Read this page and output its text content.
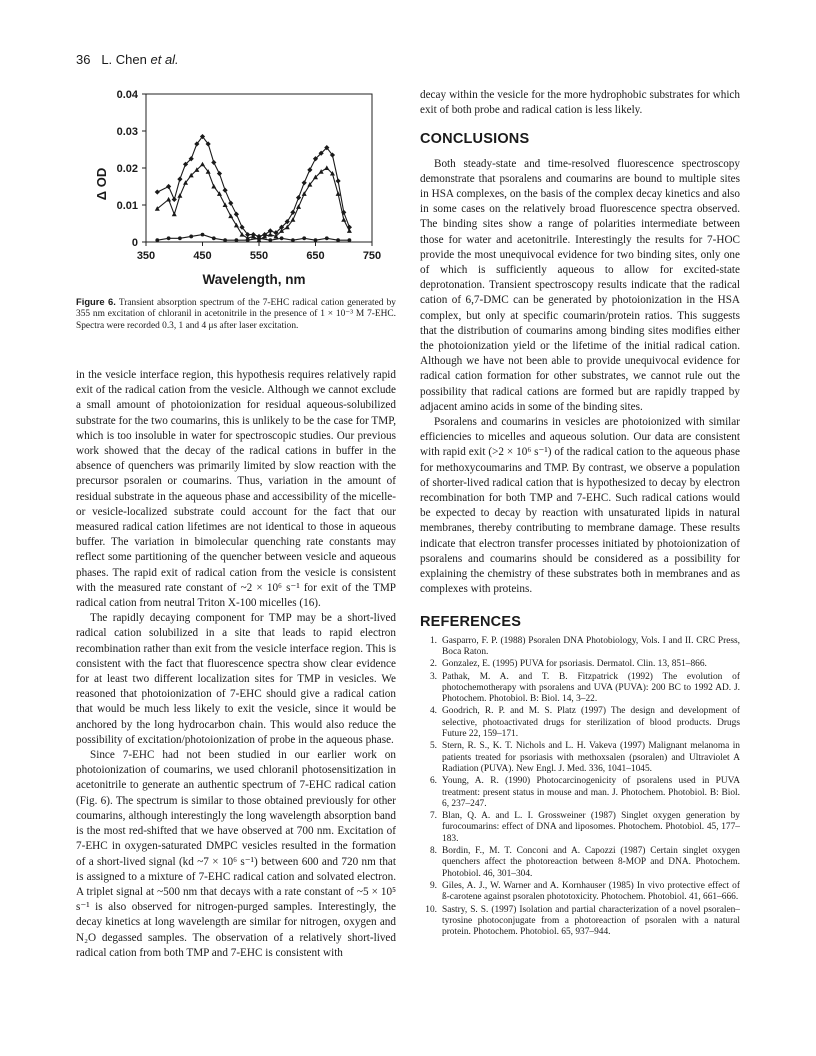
36 L. Chen et al.
0
0.01
0.02
0.03
0.04
350	450	550	650	750
Δ OD
Wavelength, nm
Figure 6. Transient absorption spectrum of the 7-EHC radical cation generated by 355 nm excitation of chloranil in acetonitrile in the presence of 1 × 10⁻³ M 7-EHC. Spectra were recorded 0.3, 1 and 4 μs after laser excitation.

in the vesicle interface region, this hypothesis requires relatively rapid exit of the radical cation from the vesicle. Although we cannot exclude a small amount of photoionization for residual aqueous-solubilized substrate for the two coumarins, this is unlikely to be the case for TMP, which is too insoluble in water for spectroscopic studies. Our previous work showed that the decay of the radical cations in buffer in the absence of quenchers was primarily limited by slow reaction with the precursor psoralen or coumarins. Thus, variation in the amount of residual substrate in the aqueous phase and accessibility of the micelle- or vesicle-localized substrate could account for the fact that our measured radical cation lifetimes are not identical to those in aqueous buffer. The variation in bimolecular quenching rate constants may reflect some partitioning of the quencher between vesicle and aqueous phases. The rapid exit of radical cation from the vesicle is consistent with the measured rate constant of ~2 × 10⁶ s⁻¹ for exit of the TMP radical cation from neutral Triton X-100 micelles (16).

The rapidly decaying component for TMP may be a short-lived radical cation solubilized in a site that leads to rapid electron recombination rather than exit from the vesicle interface region. This is consistent with the fact that fluorescence spectra show clear evidence for at least two different localization sites for TMP in vesicles. We reasoned that photoionization of 7-EHC should give a radical cation that would be much less likely to exit the vesicle, since it would be anchored by the long hydrocarbon chain. This would also reduce the possibility of excitation/photoionization of probe in the aqueous phase.

Since 7-EHC had not been studied in our earlier work on photoionization of coumarins, we used chloranil photosensitization in acetonitrile to generate an authentic spectrum of 7-EHC radical cation (Fig. 6). The spectrum is similar to those obtained previously for other coumarins, although interestingly the long wavelength absorption band is the most red-shifted that we have observed at 700 nm. Excitation of 7-EHC in oxygen-saturated DMPC vesicles resulted in the formation of a short-lived signal (kd ~7 × 10⁶ s⁻¹) between 600 and 720 nm that is assigned to a mixture of 7-EHC radical cation and solvated electron. A triplet signal at ~500 nm that decays with a rate constant of ~5 × 10⁵ s⁻¹ is also observed for nitrogen-purged samples. Interestingly, the decay kinetics at long wavelength are similar for nitrogen, oxygen and N₂O degassed samples. The observation of a relatively short-lived radical cation from both TMP and 7-EHC is consistent with

decay within the vesicle for the more hydrophobic substrates for which exit of both probe and radical cation is less likely.

CONCLUSIONS

Both steady-state and time-resolved fluorescence spectroscopy demonstrate that psoralens and coumarins are bound to multiple sites in HSA complexes, on the basis of the complex decay kinetics and also in some cases on the relatively broad fluorescence spectra observed. The binding sites show a range of polarities intermediate between those for water and acetonitrile. Interestingly the results for 7-HOC provide the most unequivocal evidence for two binding sites, only one of which is sufficiently aqueous to allow for excited-state deprotonation. Transient spectroscopy results indicate that the radical cation of 6,7-DMC can be generated by photoionization in the HSA complex, but only at specific coumarin/protein ratios. This suggests that the distribution of coumarins among binding sites modifies either the photoionization yield or the lifetime of the initial radical cation. Although we have not been able to provide unequivocal evidence for radical cation formation for other substrates, we cannot rule out the possibility that radical cations are formed but are rapidly trapped by adjacent amino acids in some of the binding sites.

Psoralens and coumarins in vesicles are photoionized with similar efficiencies to micelles and aqueous solution. Our data are consistent with rapid exit (>2 × 10⁶ s⁻¹) of the radical cation to the aqueous phase for methoxycoumarins and TMP. By contrast, we observe a population of shorter-lived radical cation that is hypothesized to decay by electron recombination for both TMP and 7-EHC. Such radical cations would be expected to decay by reaction with unsaturated lipids in natural membranes, thereby contributing to membrane damage. These results indicate that electron transfer processes initiated by photoionization of psoralens and coumarins should be considered as a possibility for explaining the chemistry of these substrates both in membranes and as complexes with proteins.

REFERENCES
1. Gasparro, F. P. (1988) Psoralen DNA Photobiology, Vols. I and II. CRC Press, Boca Raton.
2. Gonzalez, E. (1995) PUVA for psoriasis. Dermatol. Clin. 13, 851–866.
3. Pathak, M. A. and T. B. Fitzpatrick (1992) The evolution of photochemotherapy with psoralens and UVA (PUVA): 200 BC to 1992 AD. J. Photochem. Photobiol. B: Biol. 14, 3–22.
4. Goodrich, R. P. and M. S. Platz (1997) The design and development of selective, photoactivated drugs for sterilization of blood products. Drugs Future 22, 159–171.
5. Stern, R. S., K. T. Nichols and L. H. Vakeva (1997) Malignant melanoma in patients treated for psoriasis with methoxsalen (psoralen) and Ultraviolet A Radiation (PUVA). New Engl. J. Med. 336, 1041–1045.
6. Young, A. R. (1990) Photocarcinogenicity of psoralens used in PUVA treatment: present status in mouse and man. J. Photochem. Photobiol. B: Biol. 6, 237–247.
7. Blan, Q. A. and L. I. Grossweiner (1987) Singlet oxygen generation by furocoumarins: effect of DNA and liposomes. Photochem. Photobiol. 45, 177–183.
8. Bordin, F., M. T. Conconi and A. Capozzi (1987) Certain singlet oxygen quenchers affect the photoreaction between 8-MOP and DNA. Photochem. Photobiol. 46, 301–304.
9. Giles, A. J., W. Warner and A. Kornhauser (1985) In vivo protective effect of ß-carotene against psoralen phototoxicity. Photochem. Photobiol. 41, 661–666.
10. Sastry, S. S. (1997) Isolation and partial characterization of a novel psoralen–tyrosine photoconjugate from a photoreaction of psoralen with a natural protein. Photochem. Photobiol. 65, 937–944.
